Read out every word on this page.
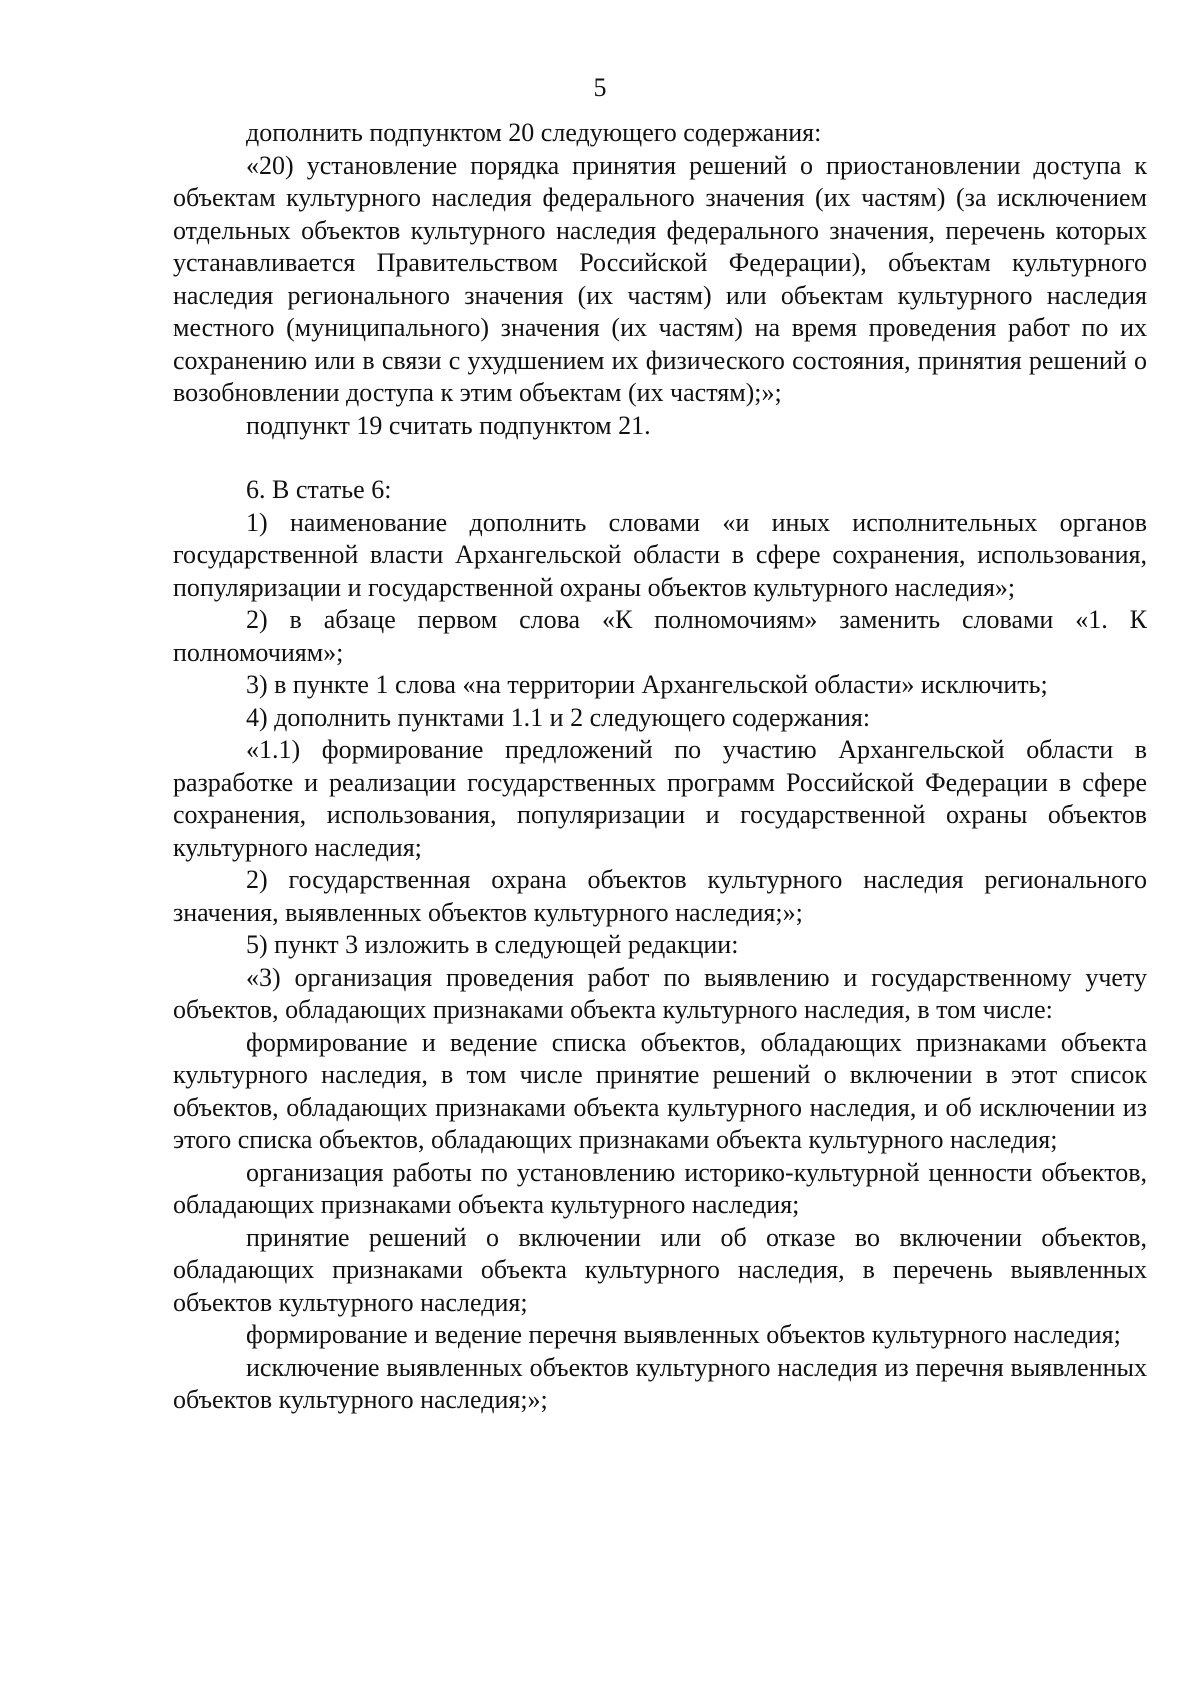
5

дополнить подпунктом 20 следующего содержания:

«20) установление порядка принятия решений о приостановлении доступа к объектам культурного наследия федерального значения (их частям) (за исключением отдельных объектов культурного наследия федерального значения, перечень которых устанавливается Правительством Российской Федерации), объектам культурного наследия регионального значения (их частям) или объектам культурного наследия местного (муниципального) значения (их частям) на время проведения работ по их сохранению или в связи с ухудшением их физического состояния, принятия решений о возобновлении доступа к этим объектам (их частям);»;

подпункт 19 считать подпунктом 21.

6. В статье 6:

1) наименование дополнить словами «и иных исполнительных органов государственной власти Архангельской области в сфере сохранения, использования, популяризации и государственной охраны объектов культурного наследия»;

2) в абзаце первом слова «К полномочиям» заменить словами «1. К полномочиям»;

3) в пункте 1 слова «на территории Архангельской области» исключить;

4) дополнить пунктами 1.1 и 2 следующего содержания:

«1.1) формирование предложений по участию Архангельской области в разработке и реализации государственных программ Российской Федерации в сфере сохранения, использования, популяризации и государственной охраны объектов культурного наследия;

2) государственная охрана объектов культурного наследия регионального значения, выявленных объектов культурного наследия;»;

5) пункт 3 изложить в следующей редакции:

«3) организация проведения работ по выявлению и государственному учету объектов, обладающих признаками объекта культурного наследия, в том числе:

формирование и ведение списка объектов, обладающих признаками объекта культурного наследия, в том числе принятие решений о включении в этот список объектов, обладающих признаками объекта культурного наследия, и об исключении из этого списка объектов, обладающих признаками объекта культурного наследия;

организация работы по установлению историко-культурной ценности объектов, обладающих признаками объекта культурного наследия;

принятие решений о включении или об отказе во включении объектов, обладающих признаками объекта культурного наследия, в перечень выявленных объектов культурного наследия;

формирование и ведение перечня выявленных объектов культурного наследия;

исключение выявленных объектов культурного наследия из перечня выявленных объектов культурного наследия;»;
